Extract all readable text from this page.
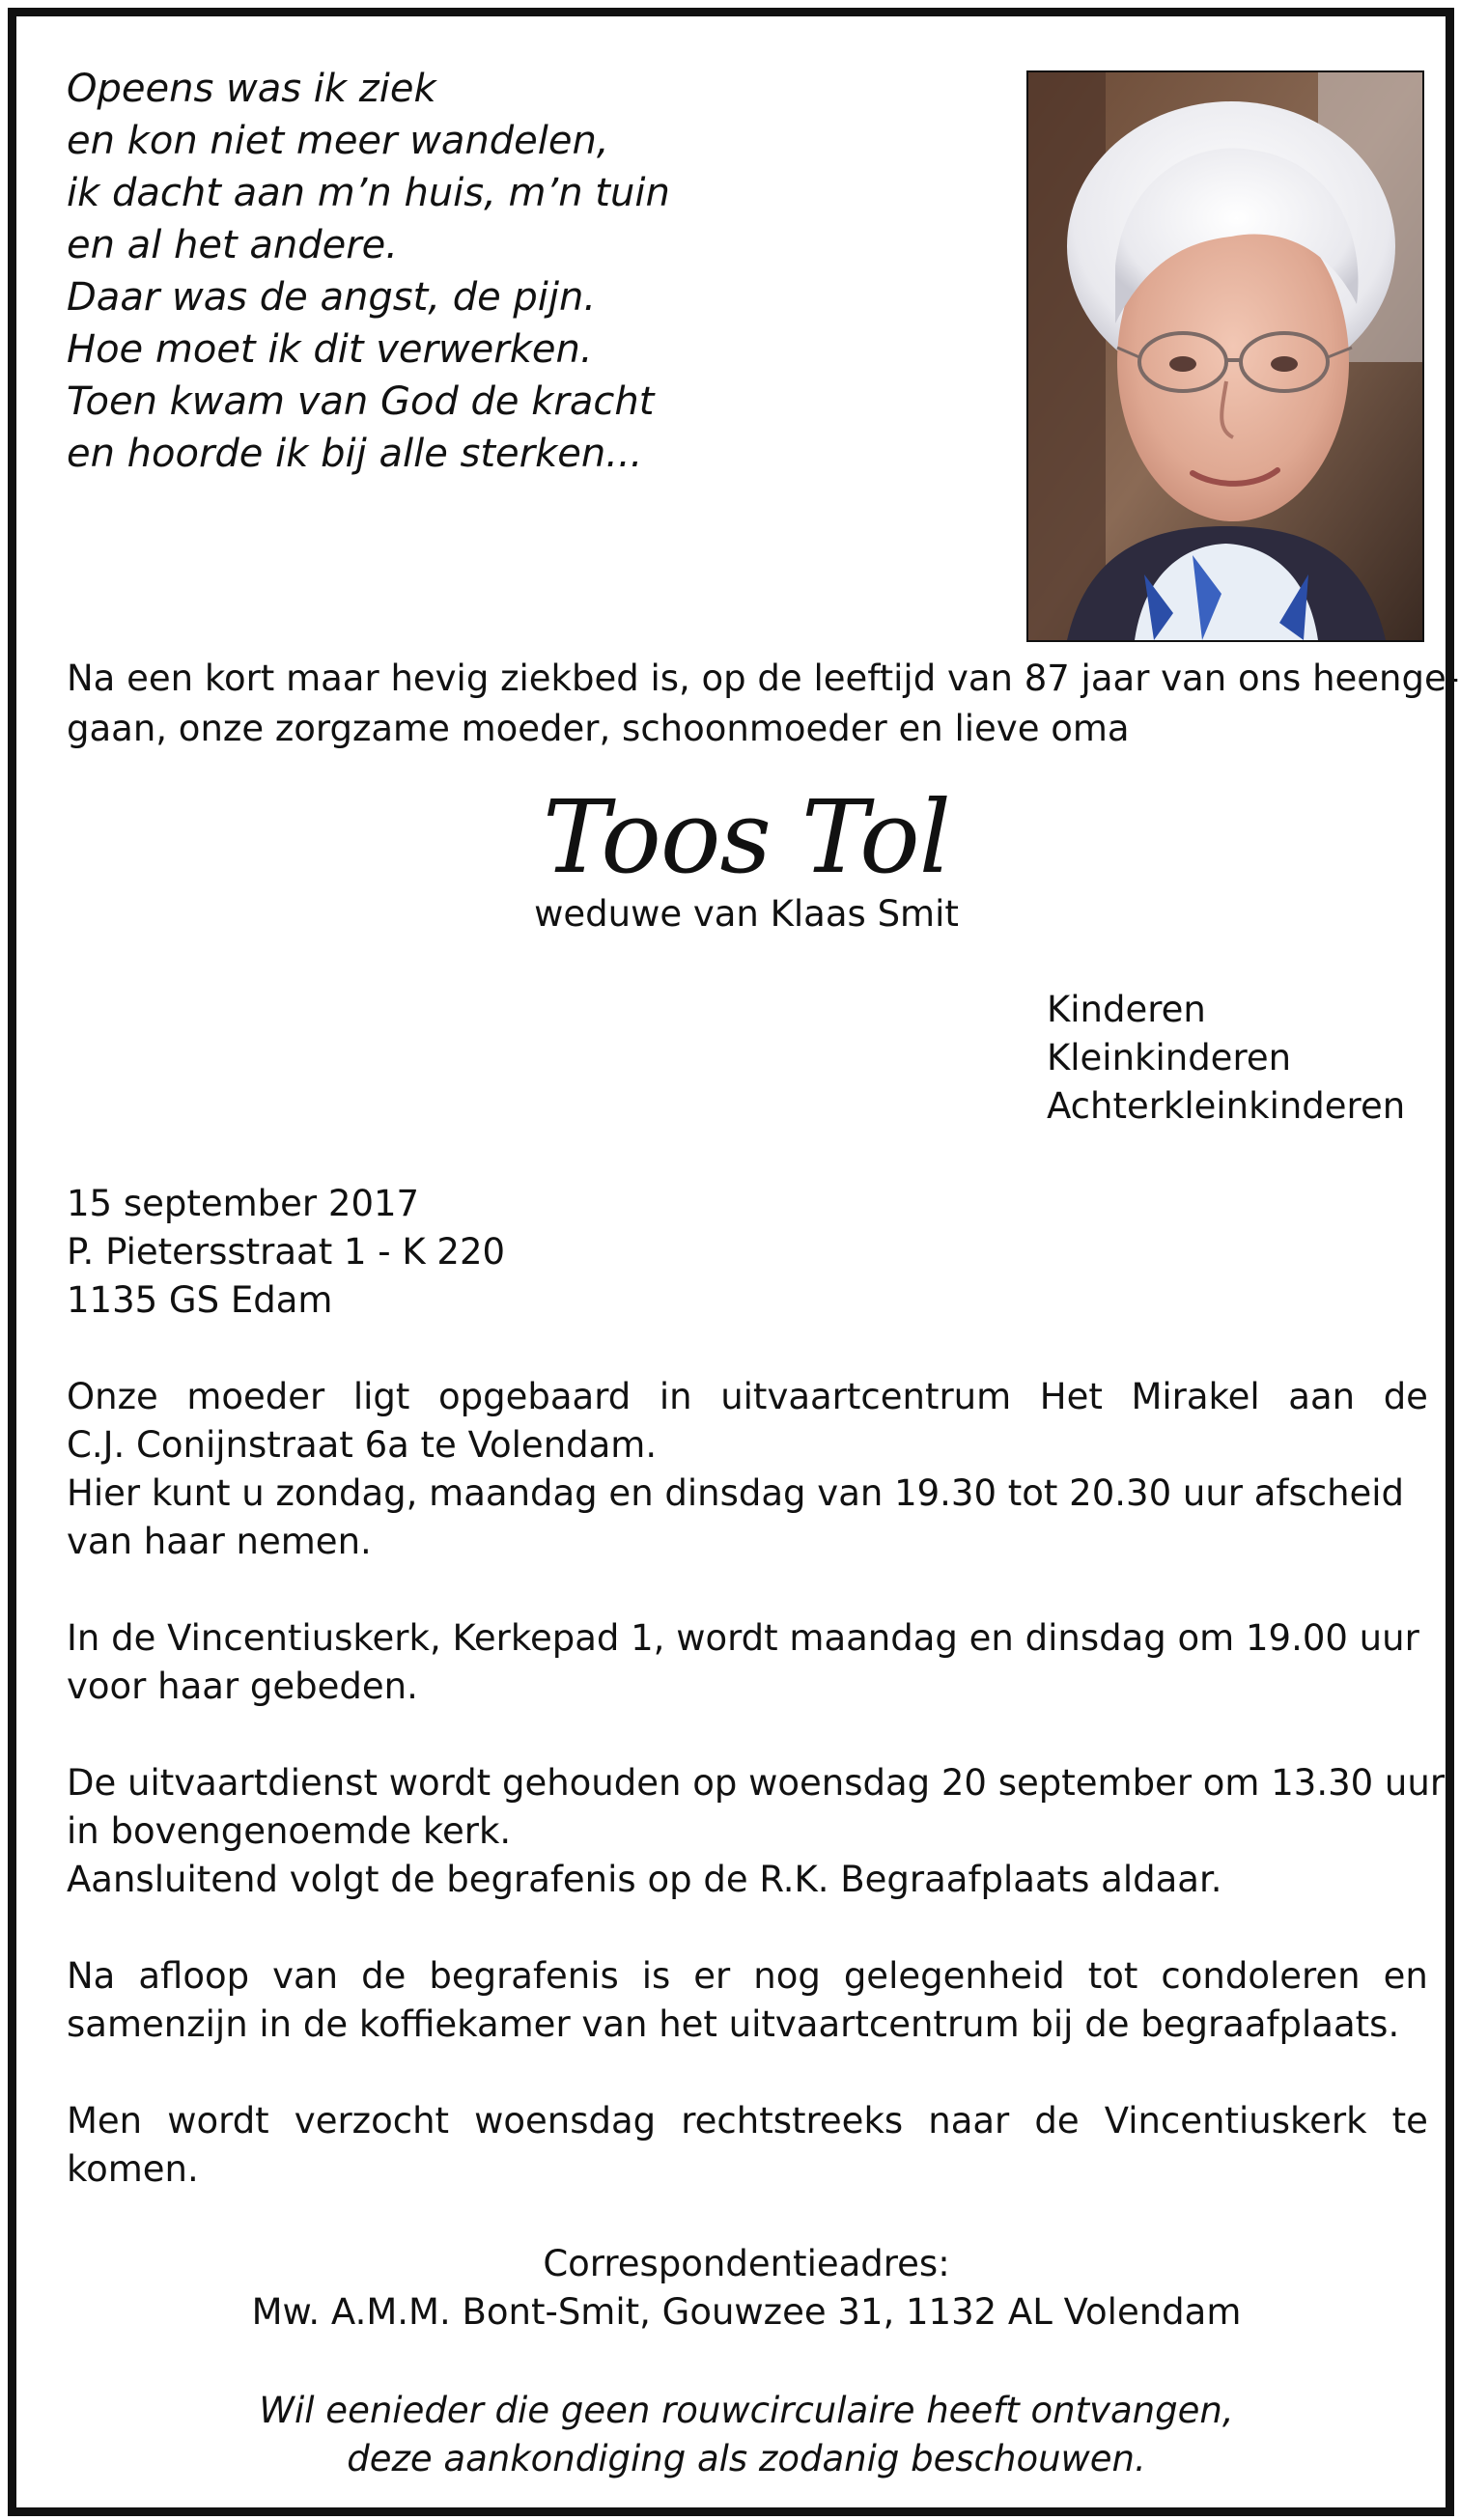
Opeens was ik ziek
en kon niet meer wandelen,
ik dacht aan m’n huis, m’n tuin
en al het andere.
Daar was de angst, de pijn.
Hoe moet ik dit verwerken.
Toen kwam van God de kracht
en hoorde ik bij alle sterken...
Na een kort maar hevig ziekbed is, op de leeftijd van 87 jaar van ons heenge-
gaan, onze zorgzame moeder, schoonmoeder en lieve oma
Toos Tol
weduwe van Klaas Smit
Kinderen
Kleinkinderen
Achterkleinkinderen
15 september 2017
P. Pietersstraat 1 - K 220
1135 GS Edam
Onze moeder ligt opgebaard in uitvaartcentrum Het Mirakel aan de
C.J. Conijnstraat 6a te Volendam.
Hier kunt u zondag, maandag en dinsdag van 19.30 tot 20.30 uur afscheid
van haar nemen.
In de Vincentiuskerk, Kerkepad 1, wordt maandag en dinsdag om 19.00 uur
voor haar gebeden.
De uitvaartdienst wordt gehouden op woensdag 20 september om 13.30 uur
in bovengenoemde kerk.
Aansluitend volgt de begrafenis op de R.K. Begraafplaats aldaar.
Na afloop van de begrafenis is er nog gelegenheid tot condoleren en
samenzijn in de koffiekamer van het uitvaartcentrum bij de begraafplaats.
Men wordt verzocht woensdag rechtstreeks naar de Vincentiuskerk te
komen.
Correspondentieadres:
Mw. A.M.M. Bont-Smit, Gouwzee 31, 1132 AL Volendam
Wil eenieder die geen rouwcirculaire heeft ontvangen,
deze aankondiging als zodanig beschouwen.
